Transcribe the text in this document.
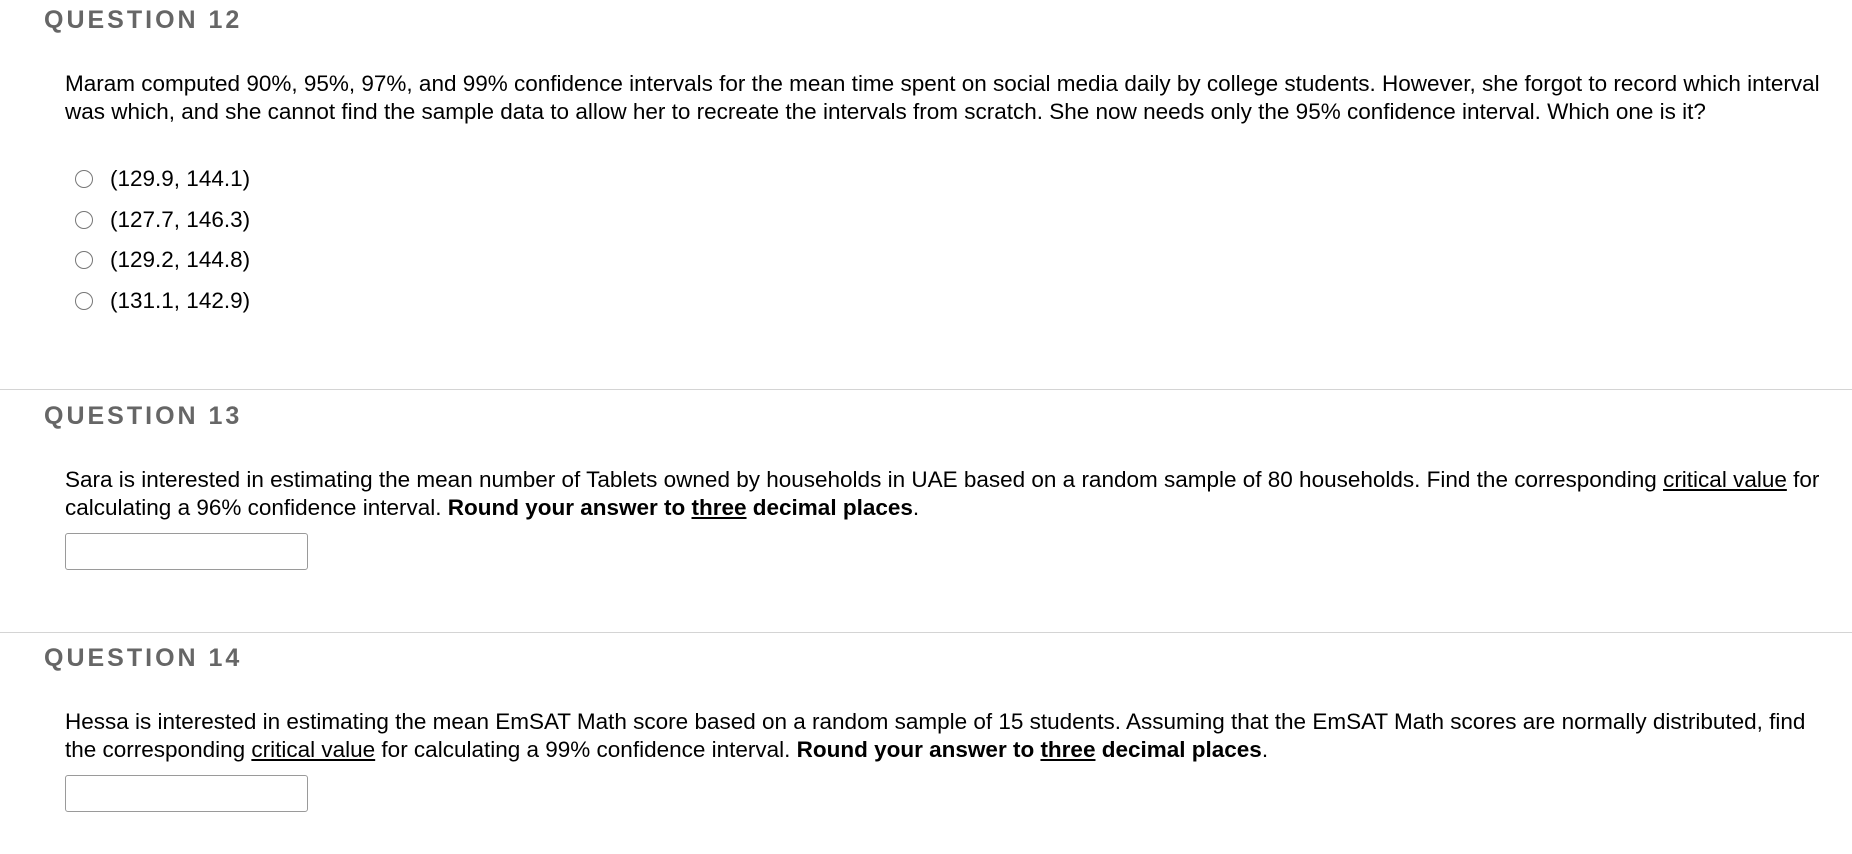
QUESTION 12

Maram computed 90%, 95%, 97%, and 99% confidence intervals for the mean time spent on social media daily by college students. However, she forgot to record which interval was which, and she cannot find the sample data to allow her to recreate the intervals from scratch. She now needs only the 95% confidence interval. Which one is it?

(129.9, 144.1)
(127.7, 146.3)
(129.2, 144.8)
(131.1, 142.9)
QUESTION 13

Sara is interested in estimating the mean number of Tablets owned by households in UAE based on a random sample of 80 households. Find the corresponding critical value for calculating a 96% confidence interval. Round your answer to three decimal places.

QUESTION 14

Hessa is interested in estimating the mean EmSAT Math score based on a random sample of 15 students. Assuming that the EmSAT Math scores are normally distributed, find the corresponding critical value for calculating a 99% confidence interval. Round your answer to three decimal places.
